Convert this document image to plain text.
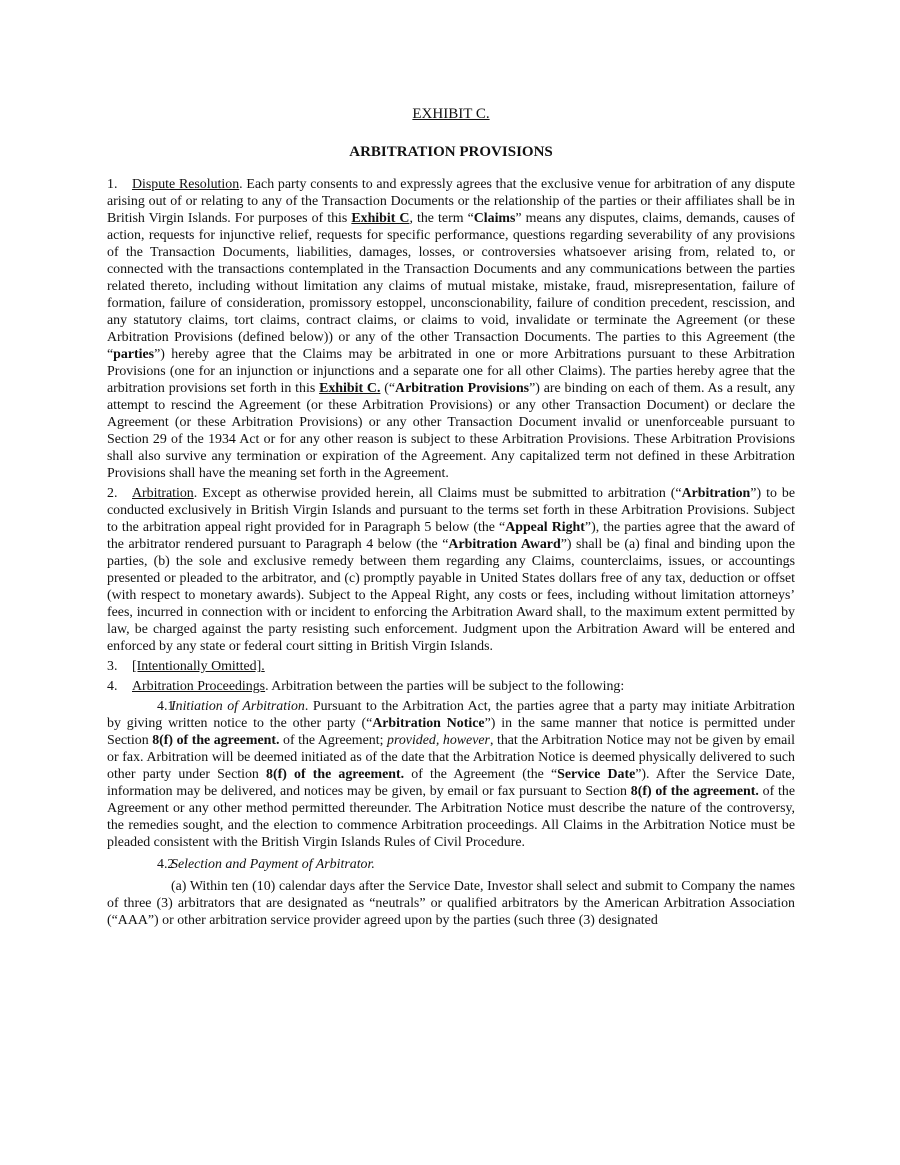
EXHIBIT C.
ARBITRATION PROVISIONS

1. Dispute Resolution. Each party consents to and expressly agrees that the exclusive venue for arbitration of any dispute arising out of or relating to any of the Transaction Documents or the relationship of the parties or their affiliates shall be in British Virgin Islands. For purposes of this Exhibit C, the term “Claims” means any disputes, claims, demands, causes of action, requests for injunctive relief, requests for specific performance, questions regarding severability of any provisions of the Transaction Documents, liabilities, damages, losses, or controversies whatsoever arising from, related to, or connected with the transactions contemplated in the Transaction Documents and any communications between the parties related thereto, including without limitation any claims of mutual mistake, mistake, fraud, misrepresentation, failure of formation, failure of consideration, promissory estoppel, unconscionability, failure of condition precedent, rescission, and any statutory claims, tort claims, contract claims, or claims to void, invalidate or terminate the Agreement (or these Arbitration Provisions (defined below)) or any of the other Transaction Documents. The parties to this Agreement (the “parties”) hereby agree that the Claims may be arbitrated in one or more Arbitrations pursuant to these Arbitration Provisions (one for an injunction or injunctions and a separate one for all other Claims). The parties hereby agree that the arbitration provisions set forth in this Exhibit C. (“Arbitration Provisions”) are binding on each of them. As a result, any attempt to rescind the Agreement (or these Arbitration Provisions) or any other Transaction Document) or declare the Agreement (or these Arbitration Provisions) or any other Transaction Document invalid or unenforceable pursuant to Section 29 of the 1934 Act or for any other reason is subject to these Arbitration Provisions. These Arbitration Provisions shall also survive any termination or expiration of the Agreement. Any capitalized term not defined in these Arbitration Provisions shall have the meaning set forth in the Agreement.

2. Arbitration. Except as otherwise provided herein, all Claims must be submitted to arbitration (“Arbitration”) to be conducted exclusively in British Virgin Islands and pursuant to the terms set forth in these Arbitration Provisions. Subject to the arbitration appeal right provided for in Paragraph 5 below (the “Appeal Right”), the parties agree that the award of the arbitrator rendered pursuant to Paragraph 4 below (the “Arbitration Award”) shall be (a) final and binding upon the parties, (b) the sole and exclusive remedy between them regarding any Claims, counterclaims, issues, or accountings presented or pleaded to the arbitrator, and (c) promptly payable in United States dollars free of any tax, deduction or offset (with respect to monetary awards). Subject to the Appeal Right, any costs or fees, including without limitation attorneys’ fees, incurred in connection with or incident to enforcing the Arbitration Award shall, to the maximum extent permitted by law, be charged against the party resisting such enforcement. Judgment upon the Arbitration Award will be entered and enforced by any state or federal court sitting in British Virgin Islands.

3. [Intentionally Omitted].

4. Arbitration Proceedings. Arbitration between the parties will be subject to the following:

4.1Initiation of Arbitration. Pursuant to the Arbitration Act, the parties agree that a party may initiate Arbitration by giving written notice to the other party (“Arbitration Notice”) in the same manner that notice is permitted under Section 8(f) of the agreement. of the Agreement; provided, however, that the Arbitration Notice may not be given by email or fax. Arbitration will be deemed initiated as of the date that the Arbitration Notice is deemed physically delivered to such other party under Section 8(f) of the agreement. of the Agreement (the “Service Date”). After the Service Date, information may be delivered, and notices may be given, by email or fax pursuant to Section 8(f) of the agreement. of the Agreement or any other method permitted thereunder. The Arbitration Notice must describe the nature of the controversy, the remedies sought, and the election to commence Arbitration proceedings. All Claims in the Arbitration Notice must be pleaded consistent with the British Virgin Islands Rules of Civil Procedure.

4.2Selection and Payment of Arbitrator.

(a) Within ten (10) calendar days after the Service Date, Investor shall select and submit to Company the names of three (3) arbitrators that are designated as “neutrals” or qualified arbitrators by the American Arbitration Association (“AAA”) or other arbitration service provider agreed upon by the parties (such three (3) designated
